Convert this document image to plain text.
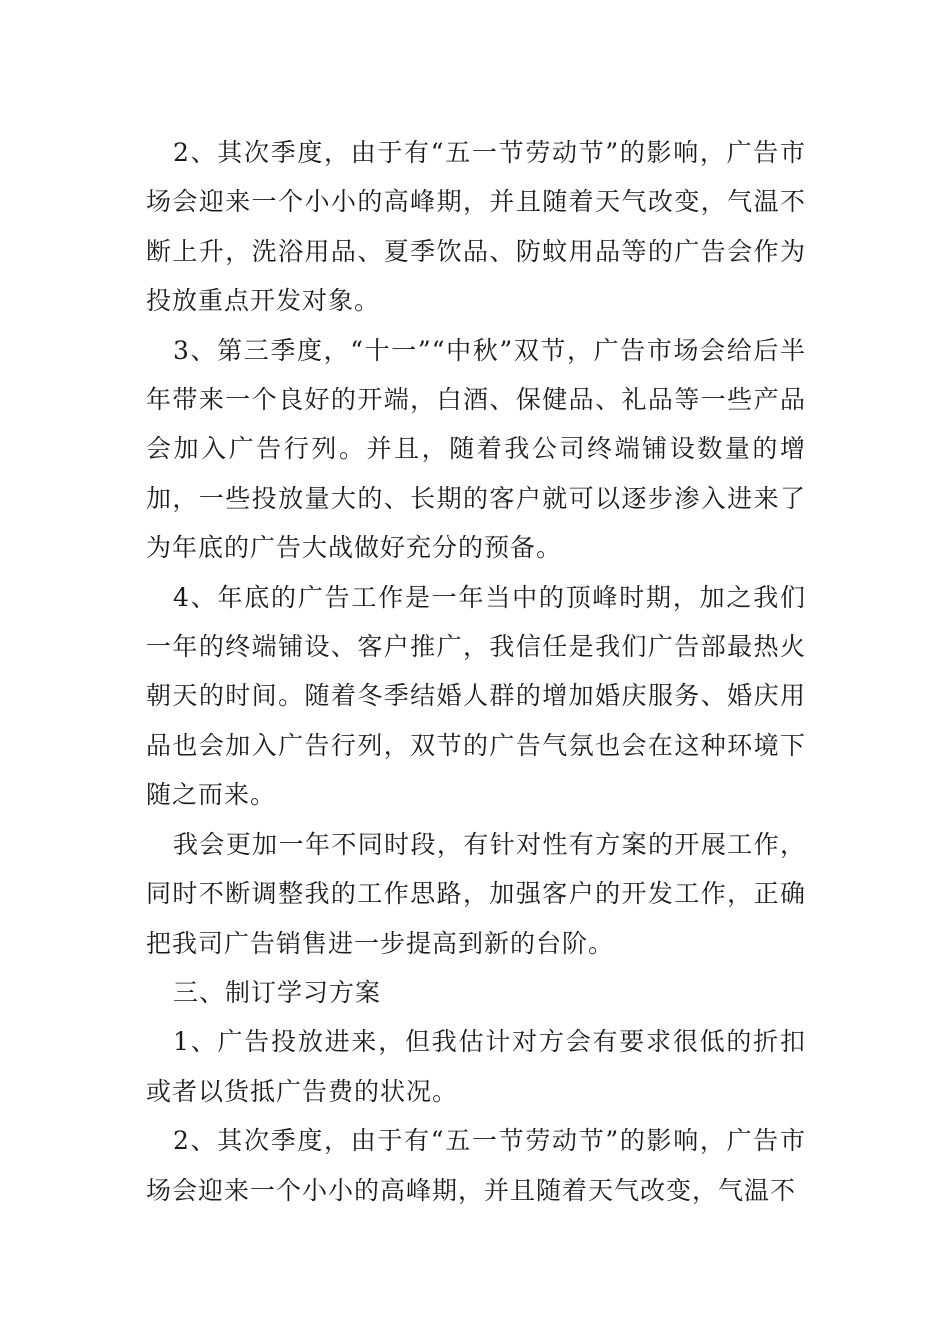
2、其次季度，由于有“五一节劳动节”的影响，广告市场会迎来一个小小的高峰期，并且随着天气改变，气温不断上升，洗浴用品、夏季饮品、防蚊用品等的广告会作为投放重点开发对象。

3、第三季度，“十一”“中秋”双节，广告市场会给后半年带来一个良好的开端，白酒、保健品、礼品等一些产品会加入广告行列。并且，随着我公司终端铺设数量的增加，一些投放量大的、长期的客户就可以逐步渗入进来了为年底的广告大战做好充分的预备。

4、年底的广告工作是一年当中的顶峰时期，加之我们一年的终端铺设、客户推广，我信任是我们广告部最热火朝天的时间。随着冬季结婚人群的增加婚庆服务、婚庆用品也会加入广告行列，双节的广告气氛也会在这种环境下随之而来。

我会更加一年不同时段，有针对性有方案的开展工作，同时不断调整我的工作思路，加强客户的开发工作，正确把我司广告销售进一步提高到新的台阶。

三、制订学习方案

1、广告投放进来，但我估计对方会有要求很低的折扣或者以货抵广告费的状况。

2、其次季度，由于有“五一节劳动节”的影响，广告市场会迎来一个小小的高峰期，并且随着天气改变，气温不
